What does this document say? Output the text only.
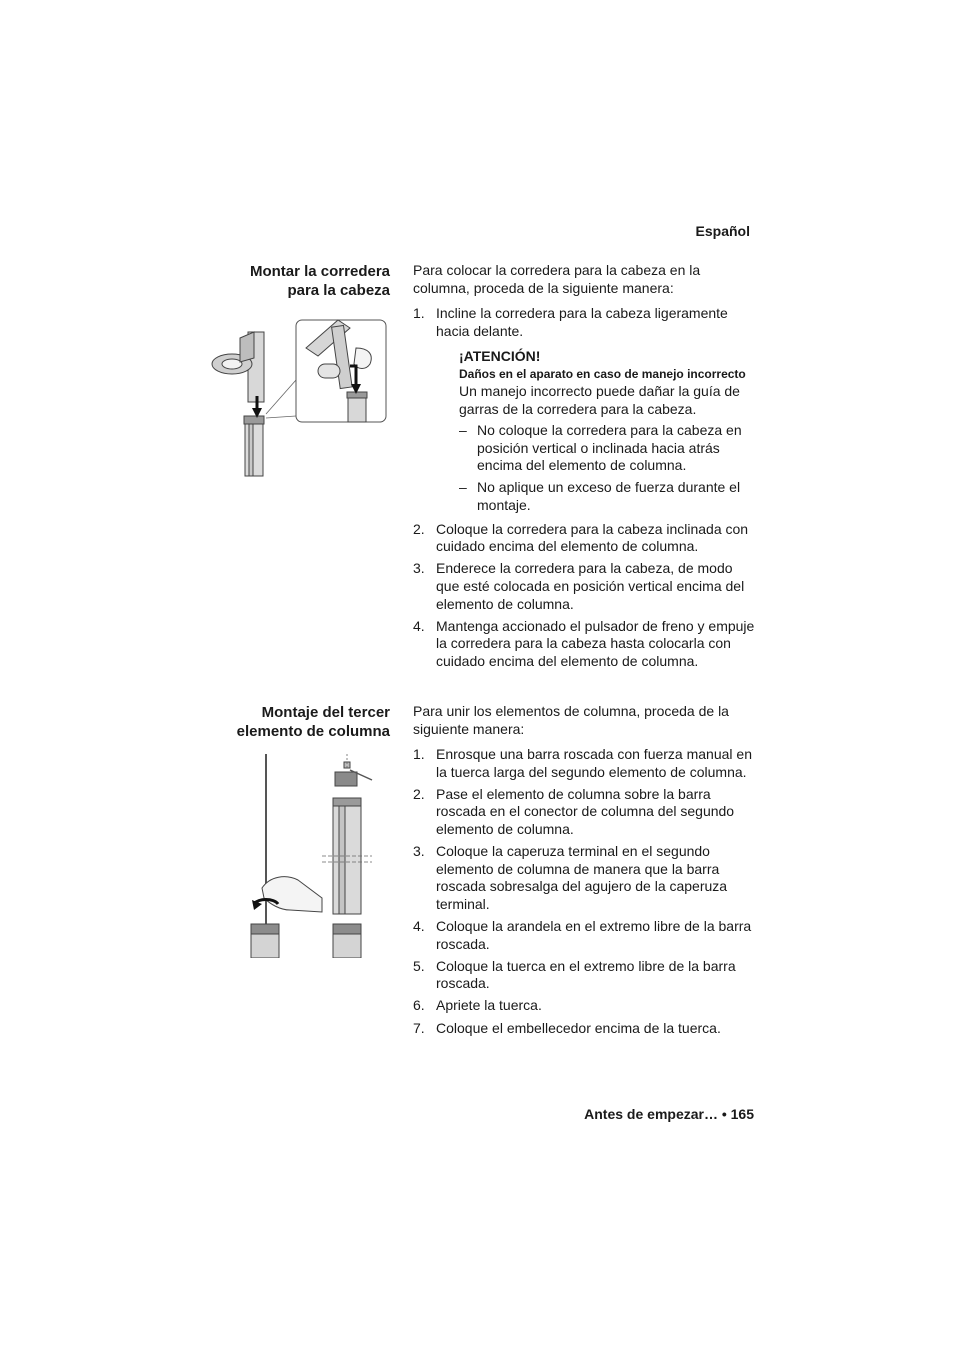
Español
Montar la corredera
para la cabeza

Para colocar la corredera para la cabeza en la columna, proceda de la siguiente manera:

1. Incline la corredera para la cabeza ligeramente hacia delante.
¡ATENCIÓN!
Daños en el aparato en caso de manejo incorrecto
Un manejo incorrecto puede dañar la guía de garras de la corredera para la cabeza.
– No coloque la corredera para la cabeza en posición vertical o inclinada hacia atrás encima del elemento de columna.
– No aplique un exceso de fuerza durante el montaje.
2. Coloque la corredera para la cabeza inclinada con cuidado encima del elemento de columna.
3. Enderece la corredera para la cabeza, de modo que esté colocada en posición vertical encima del elemento de columna.
4. Mantenga accionado el pulsador de freno y empuje la corredera para la cabeza hasta colocarla con cuidado encima del elemento de columna.
Montaje del tercer
elemento de columna

Para unir los elementos de columna, proceda de la siguiente manera:

1. Enrosque una barra roscada con fuerza manual en la tuerca larga del segundo elemento de columna.
2. Pase el elemento de columna sobre la barra roscada en el conector de columna del segundo elemento de columna.
3. Coloque la caperuza terminal en el segundo elemento de columna de manera que la barra roscada sobresalga del agujero de la caperuza terminal.
4. Coloque la arandela en el extremo libre de la barra roscada.
5. Coloque la tuerca en el extremo libre de la barra roscada.
6. Apriete la tuerca.
7. Coloque el embellecedor encima de la tuerca.
Antes de empezar… • 165
